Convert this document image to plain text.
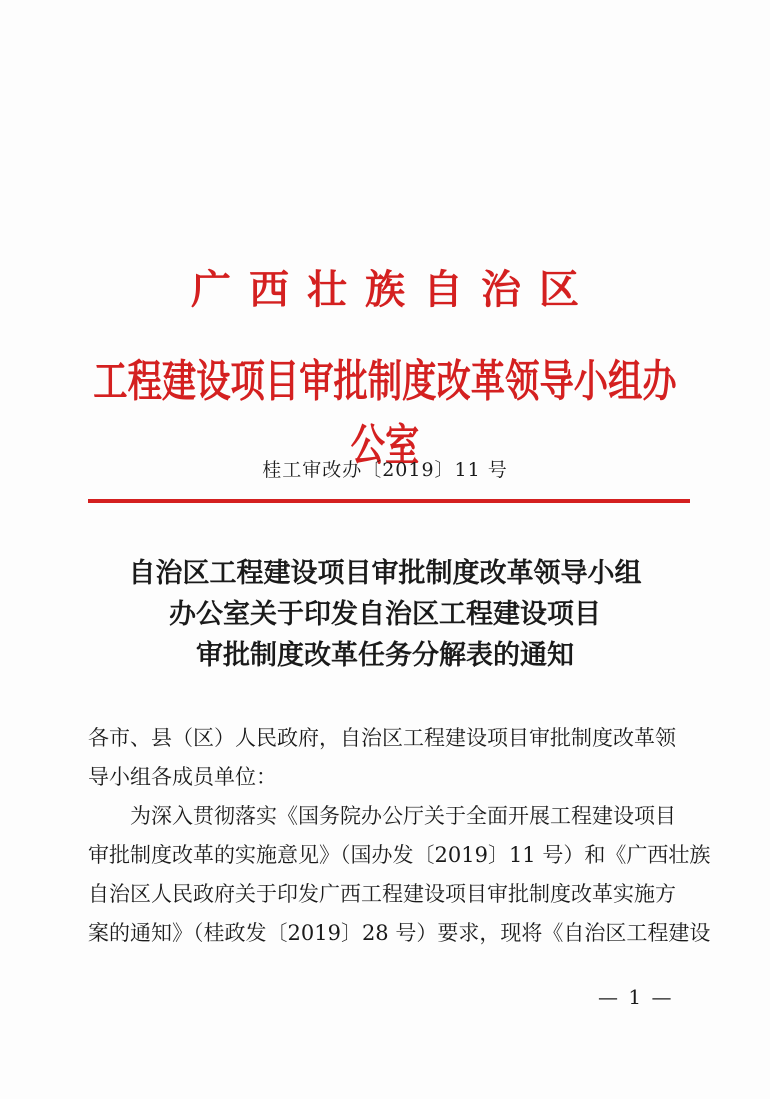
广西壮族自治区
工程建设项目审批制度改革领导小组办公室
桂工审改办〔2019〕11 号
自治区工程建设项目审批制度改革领导小组
办公室关于印发自治区工程建设项目
审批制度改革任务分解表的通知
各市、县（区）人民政府，自治区工程建设项目审批制度改革领
导小组各成员单位：
为深入贯彻落实《国务院办公厅关于全面开展工程建设项目
审批制度改革的实施意见》（国办发〔2019〕11 号）和《广西壮族
自治区人民政府关于印发广西工程建设项目审批制度改革实施方
案的通知》（桂政发〔2019〕28 号）要求，现将《自治区工程建设
— 1 —
